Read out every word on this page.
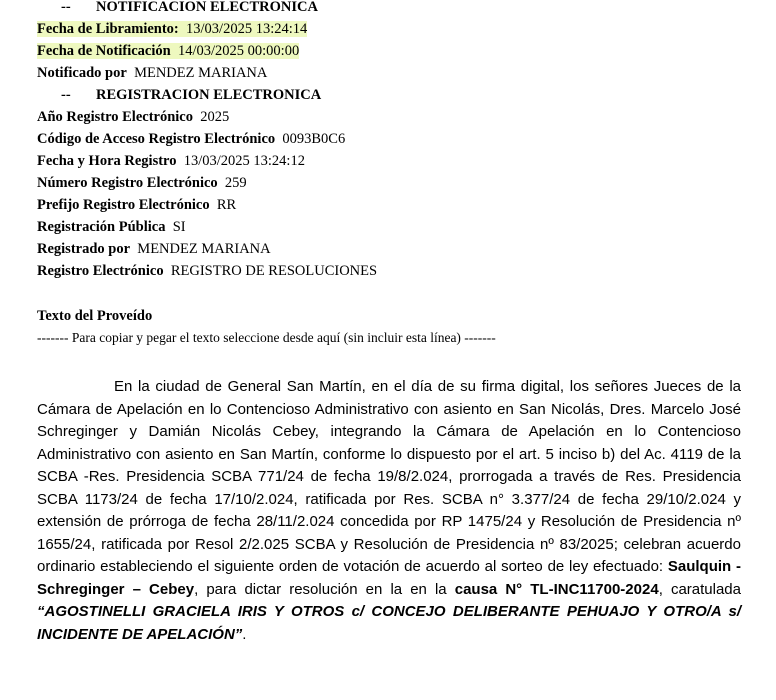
-- NOTIFICACION ELECTRONICA
Fecha de Libramiento: 13/03/2025 13:24:14
Fecha de Notificación 14/03/2025 00:00:00
Notificado por MENDEZ MARIANA
-- REGISTRACION ELECTRONICA
Año Registro Electrónico 2025
Código de Acceso Registro Electrónico 0093B0C6
Fecha y Hora Registro 13/03/2025 13:24:12
Número Registro Electrónico 259
Prefijo Registro Electrónico RR
Registración Pública SI
Registrado por MENDEZ MARIANA
Registro Electrónico REGISTRO DE RESOLUCIONES
Texto del Proveído
------- Para copiar y pegar el texto seleccione desde aquí (sin incluir esta línea) -------

En la ciudad de General San Martín, en el día de su firma digital, los señores Jueces de la Cámara de Apelación en lo Contencioso Administrativo con asiento en San Nicolás, Dres. Marcelo José Schreginger y Damián Nicolás Cebey, integrando la Cámara de Apelación en lo Contencioso Administrativo con asiento en San Martín, conforme lo dispuesto por el art. 5 inciso b) del Ac. 4119 de la SCBA -Res. Presidencia SCBA 771/24 de fecha 19/8/2.024, prorrogada a través de Res. Presidencia SCBA 1173/24 de fecha 17/10/2.024, ratificada por Res. SCBA n° 3.377/24 de fecha 29/10/2.024 y extensión de prórroga de fecha 28/11/2.024 concedida por RP 1475/24 y Resolución de Presidencia nº 1655/24, ratificada por Resol 2/2.025 SCBA y Resolución de Presidencia nº 83/2025; celebran acuerdo ordinario estableciendo el siguiente orden de votación de acuerdo al sorteo de ley efectuado: Saulquin - Schreginger – Cebey, para dictar resolución en la en la causa N° TL-INC11700-2024, caratulada “AGOSTINELLI GRACIELA IRIS Y OTROS c/ CONCEJO DELIBERANTE PEHUAJO Y OTRO/A s/ INCIDENTE DE APELACIÓN”.
